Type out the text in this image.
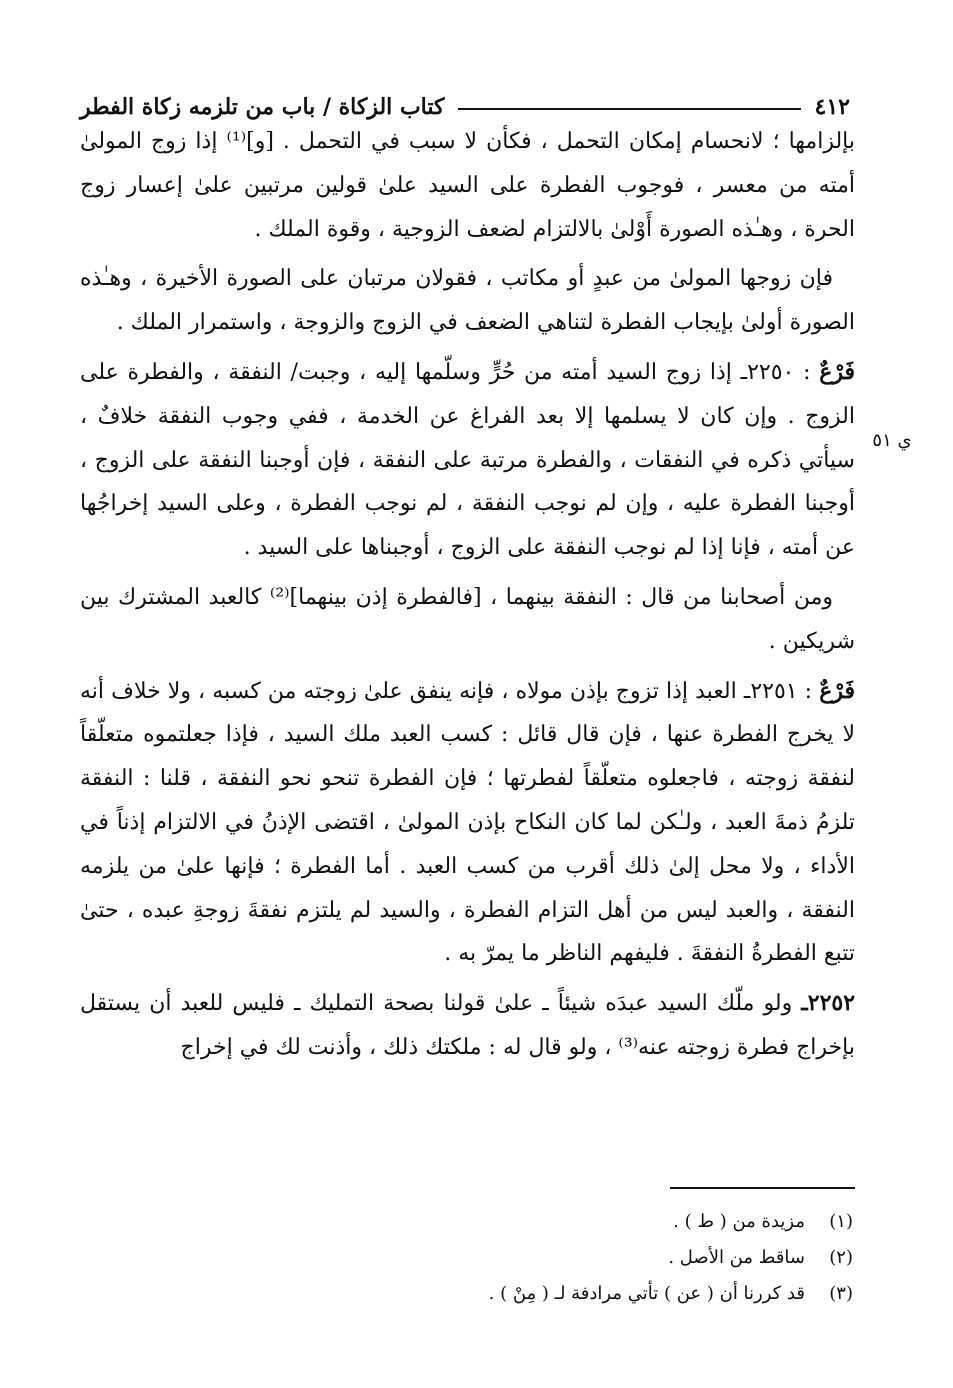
٤١٢
كتاب الزكاة / باب من تلزمه زكاة الفطر
ي ٥١

بإلزامها ؛ لانحسام إمكان التحمل ، فكأن لا سبب في التحمل . [و]⁽¹⁾ إذا زوج المولىٰ أمته من معسر ، فوجوب الفطرة على السيد علىٰ قولين مرتبين علىٰ إعسار زوج الحرة ، وهـٰذه الصورة أَوْلىٰ بالالتزام لضعف الزوجية ، وقوة الملك .

فإن زوجها المولىٰ من عبدٍ أو مكاتب ، فقولان مرتبان على الصورة الأخيرة ، وهـٰذه الصورة أولىٰ بإيجاب الفطرة لتناهي الضعف في الزوج والزوجة ، واستمرار الملك .

فَرْعٌ : ٢٢٥٠ـ إذا زوج السيد أمته من حُرٍّ وسلّمها إليه ، وجبت/ النفقة ، والفطرة على الزوج . وإن كان لا يسلمها إلا بعد الفراغ عن الخدمة ، ففي وجوب النفقة خلافٌ ، سيأتي ذكره في النفقات ، والفطرة مرتبة على النفقة ، فإن أوجبنا النفقة على الزوج ، أوجبنا الفطرة عليه ، وإن لم نوجب النفقة ، لم نوجب الفطرة ، وعلى السيد إخراجُها عن أمته ، فإنا إذا لم نوجب النفقة على الزوج ، أوجبناها على السيد .

ومن أصحابنا من قال : النفقة بينهما ، [فالفطرة إذن بينهما]⁽²⁾ كالعبد المشترك بين شريكين .

فَرْعٌ : ٢٢٥١ـ العبد إذا تزوج بإذن مولاه ، فإنه ينفق علىٰ زوجته من كسبه ، ولا خلاف أنه لا يخرج الفطرة عنها ، فإن قال قائل : كسب العبد ملك السيد ، فإذا جعلتموه متعلّقاً لنفقة زوجته ، فاجعلوه متعلّقاً لفطرتها ؛ فإن الفطرة تنحو نحو النفقة ، قلنا : النفقة تلزمُ ذمةَ العبد ، ولـٰكن لما كان النكاح بإذن المولىٰ ، اقتضى الإذنُ في الالتزام إذناً في الأداء ، ولا محل إلىٰ ذلك أقرب من كسب العبد . أما الفطرة ؛ فإنها علىٰ من يلزمه النفقة ، والعبد ليس من أهل التزام الفطرة ، والسيد لم يلتزم نفقةَ زوجةِ عبده ، حتىٰ تتبع الفطرةُ النفقةَ . فليفهم الناظر ما يمرّ به .

٢٢٥٢ـ ولو ملّك السيد عبدَه شيئاً ـ علىٰ قولنا بصحة التمليك ـ فليس للعبد أن يستقل بإخراج فطرة زوجته عنه⁽³⁾ ، ولو قال له : ملكتك ذلك ، وأذنت لك في إخراج

(١)
مزيدة من ( ط ) .
(٢)
ساقط من الأصل .
(٣)
قد كررنا أن ( عن ) تأتي مرادفة لـ ( مِنْ ) .
